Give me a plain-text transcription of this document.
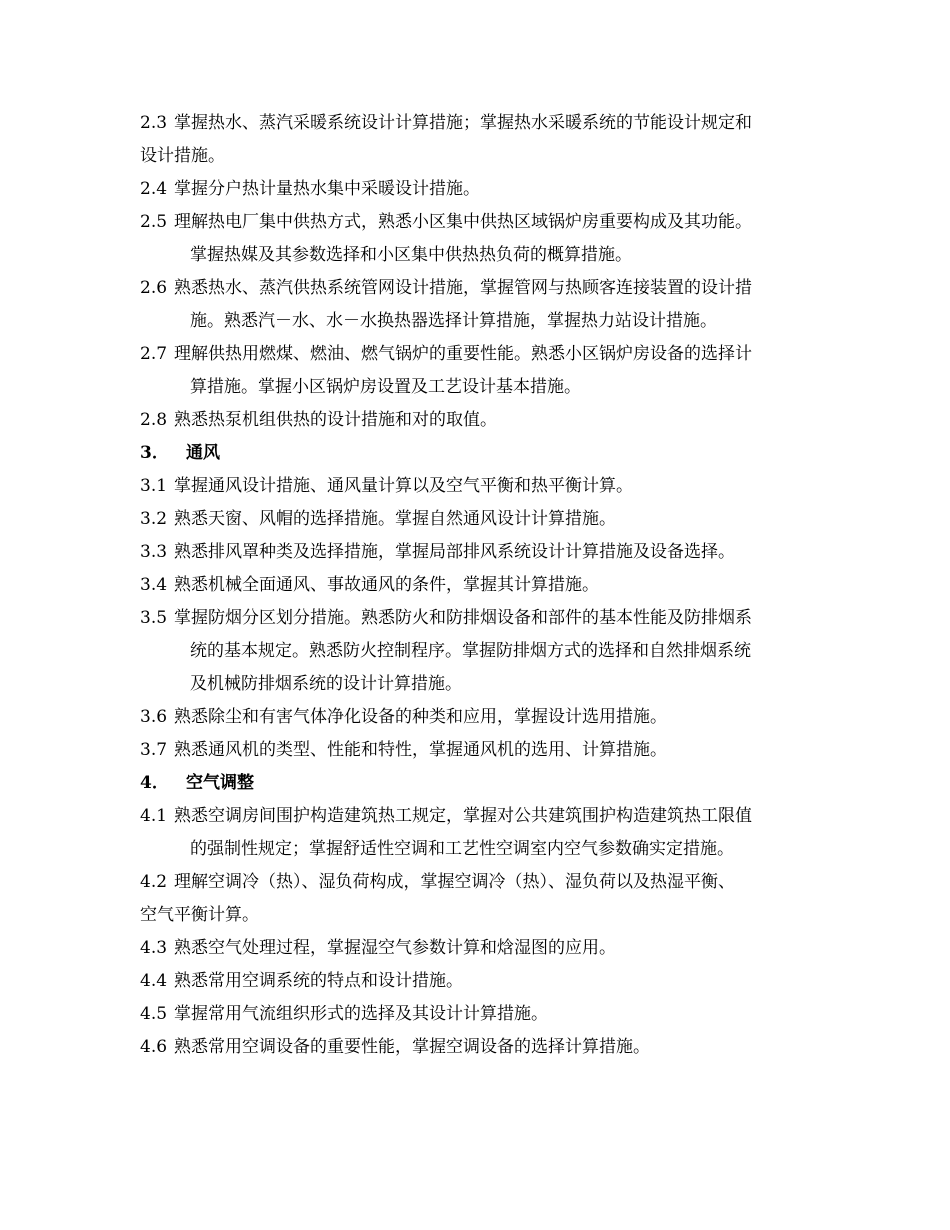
2.3 掌握热水、蒸汽采暖系统设计计算措施；掌握热水采暖系统的节能设计规定和
设计措施。
2.4 掌握分户热计量热水集中采暖设计措施。
2.5 理解热电厂集中供热方式，熟悉小区集中供热区域锅炉房重要构成及其功能。
掌握热媒及其参数选择和小区集中供热热负荷的概算措施。
2.6 熟悉热水、蒸汽供热系统管网设计措施，掌握管网与热顾客连接装置的设计措
施。熟悉汽－水、水－水换热器选择计算措施，掌握热力站设计措施。
2.7 理解供热用燃煤、燃油、燃气锅炉的重要性能。熟悉小区锅炉房设备的选择计
算措施。掌握小区锅炉房设置及工艺设计基本措施。
2.8 熟悉热泵机组供热的设计措施和对的取值。
3． 通风
3.1 掌握通风设计措施、通风量计算以及空气平衡和热平衡计算。
3.2 熟悉天窗、风帽的选择措施。掌握自然通风设计计算措施。
3.3 熟悉排风罩种类及选择措施，掌握局部排风系统设计计算措施及设备选择。
3.4 熟悉机械全面通风、事故通风的条件，掌握其计算措施。
3.5 掌握防烟分区划分措施。熟悉防火和防排烟设备和部件的基本性能及防排烟系
统的基本规定。熟悉防火控制程序。掌握防排烟方式的选择和自然排烟系统
及机械防排烟系统的设计计算措施。
3.6 熟悉除尘和有害气体净化设备的种类和应用，掌握设计选用措施。
3.7 熟悉通风机的类型、性能和特性，掌握通风机的选用、计算措施。
4． 空气调整
4.1 熟悉空调房间围护构造建筑热工规定，掌握对公共建筑围护构造建筑热工限值
的强制性规定；掌握舒适性空调和工艺性空调室内空气参数确实定措施。
4.2 理解空调冷（热）、湿负荷构成，掌握空调冷（热）、湿负荷以及热湿平衡、
空气平衡计算。
4.3 熟悉空气处理过程，掌握湿空气参数计算和焓湿图的应用。
4.4 熟悉常用空调系统的特点和设计措施。
4.5 掌握常用气流组织形式的选择及其设计计算措施。
4.6 熟悉常用空调设备的重要性能，掌握空调设备的选择计算措施。
